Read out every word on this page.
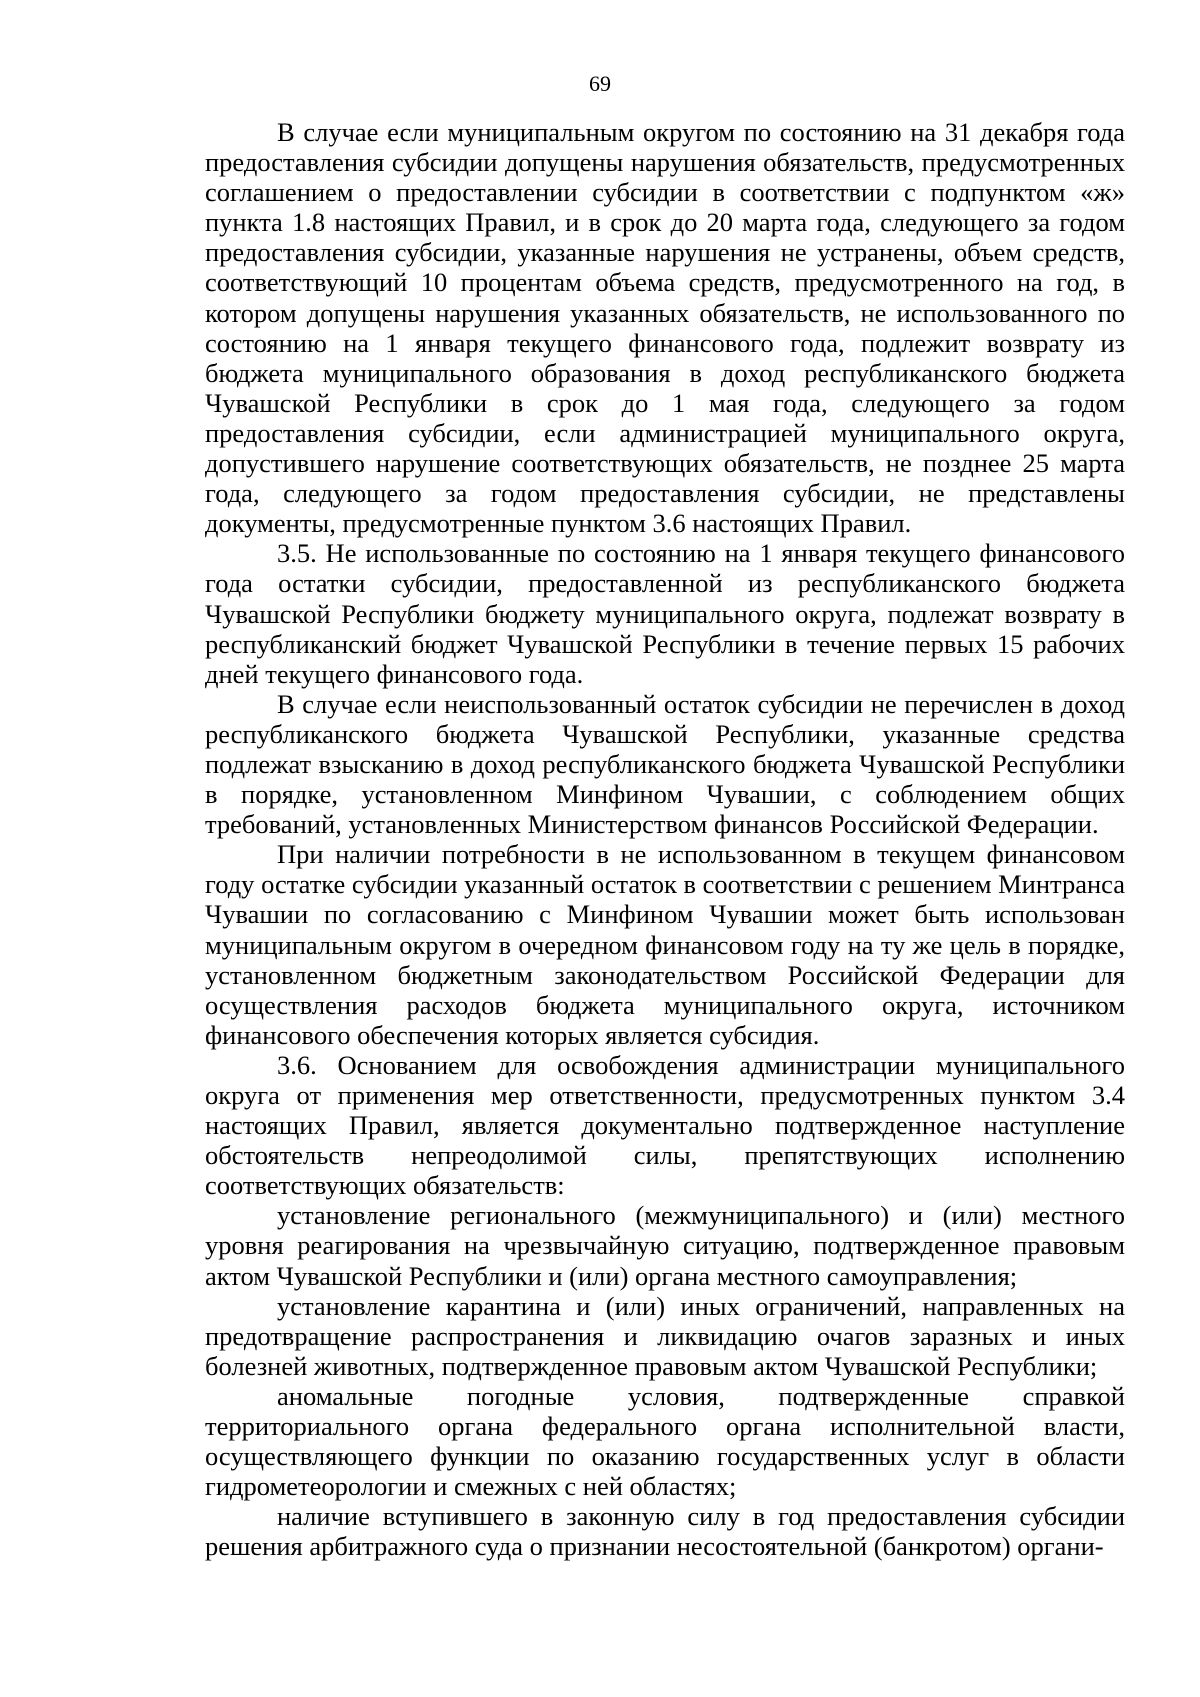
69

В случае если муниципальным округом по состоянию на 31 декабря года предоставления субсидии допущены нарушения обязательств, предусмотренных соглашением о предоставлении субсидии в соответствии с подпунктом «ж» пункта 1.8 настоящих Правил, и в срок до 20 марта года, следующего за годом предоставления субсидии, указанные нарушения не устранены, объем средств, соответствующий 10 процентам объема средств, предусмотренного на год, в котором допущены нарушения указанных обязательств, не использованного по состоянию на 1 января текущего финансового года, подлежит возврату из бюджета муниципального образования в доход республиканского бюджета Чувашской Республики в срок до 1 мая года, следующего за годом предоставления субсидии, если администрацией муниципального округа, допустившего нарушение соответствующих обязательств, не позднее 25 марта года, следующего за годом предоставления субсидии, не представлены документы, предусмотренные пунктом 3.6 настоящих Правил.

3.5. Не использованные по состоянию на 1 января текущего финансового года остатки субсидии, предоставленной из республиканского бюджета Чувашской Республики бюджету муниципального округа, подлежат возврату в республиканский бюджет Чувашской Республики в течение первых 15 рабочих дней текущего финансового года.

В случае если неиспользованный остаток субсидии не перечислен в доход республиканского бюджета Чувашской Республики, указанные средства подлежат взысканию в доход республиканского бюджета Чувашской Республики в порядке, установленном Минфином Чувашии, с соблюдением общих требований, установленных Министерством финансов Российской Федерации.

При наличии потребности в не использованном в текущем финансовом году остатке субсидии указанный остаток в соответствии с решением Минтранса Чувашии по согласованию с Минфином Чувашии может быть использован муниципальным округом в очередном финансовом году на ту же цель в порядке, установленном бюджетным законодательством Российской Федерации для осуществления расходов бюджета муниципального округа, источником финансового обеспечения которых является субсидия.

3.6. Основанием для освобождения администрации муниципального округа от применения мер ответственности, предусмотренных пунктом 3.4 настоящих Правил, является документально подтвержденное наступление обстоятельств непреодолимой силы, препятствующих исполнению соответствующих обязательств:

установление регионального (межмуниципального) и (или) местного уровня реагирования на чрезвычайную ситуацию, подтвержденное правовым актом Чувашской Республики и (или) органа местного самоуправления;

установление карантина и (или) иных ограничений, направленных на предотвращение распространения и ликвидацию очагов заразных и иных болезней животных, подтвержденное правовым актом Чувашской Республики;

аномальные погодные условия, подтвержденные справкой территориального органа федерального органа исполнительной власти, осуществляющего функции по оказанию государственных услуг в области гидрометеорологии и смежных с ней областях;

наличие вступившего в законную силу в год предоставления субсидии решения арбитражного суда о признании несостоятельной (банкротом) органи-
